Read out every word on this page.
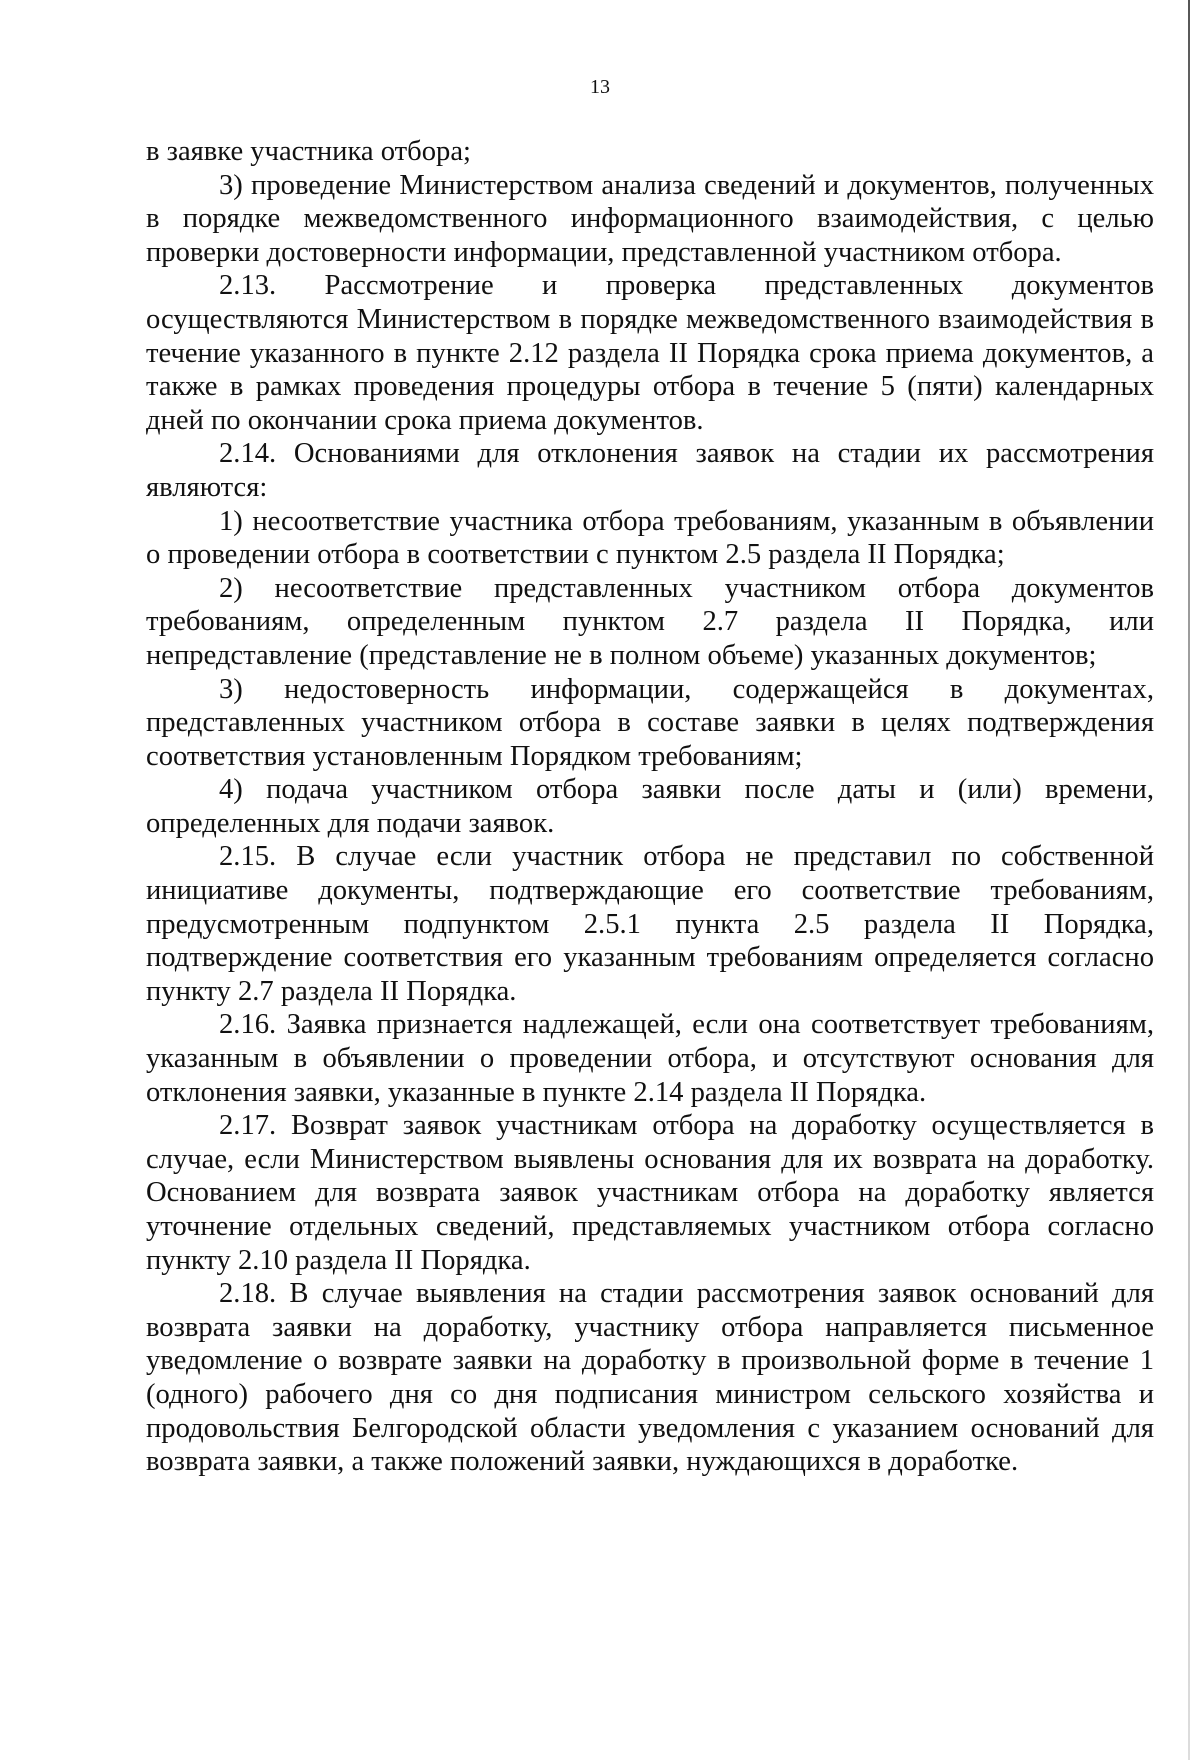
13

в заявке участника отбора;

3) проведение Министерством анализа сведений и документов, полученных в порядке межведомственного информационного взаимодействия, с целью проверки достоверности информации, представленной участником отбора.

2.13. Рассмотрение и проверка представленных документов осуществляются Министерством в порядке межведомственного взаимодействия в течение указанного в пункте 2.12 раздела II Порядка срока приема документов, а также в рамках проведения процедуры отбора в течение 5 (пяти) календарных дней по окончании срока приема документов.

2.14. Основаниями для отклонения заявок на стадии их рассмотрения являются:

1) несоответствие участника отбора требованиям, указанным в объявлении о проведении отбора в соответствии с пунктом 2.5 раздела II Порядка;

2) несоответствие представленных участником отбора документов требованиям, определенным пунктом 2.7 раздела II Порядка, или непредставление (представление не в полном объеме) указанных документов;

3) недостоверность информации, содержащейся в документах, представленных участником отбора в составе заявки в целях подтверждения соответствия установленным Порядком требованиям;

4) подача участником отбора заявки после даты и (или) времени, определенных для подачи заявок.

2.15. В случае если участник отбора не представил по собственной инициативе документы, подтверждающие его соответствие требованиям, предусмотренным подпунктом 2.5.1 пункта 2.5 раздела II Порядка, подтверждение соответствия его указанным требованиям определяется согласно пункту 2.7 раздела II Порядка.

2.16. Заявка признается надлежащей, если она соответствует требованиям, указанным в объявлении о проведении отбора, и отсутствуют основания для отклонения заявки, указанные в пункте 2.14 раздела II Порядка.

2.17. Возврат заявок участникам отбора на доработку осуществляется в случае, если Министерством выявлены основания для их возврата на доработку. Основанием для возврата заявок участникам отбора на доработку является уточнение отдельных сведений, представляемых участником отбора согласно пункту 2.10 раздела II Порядка.

2.18. В случае выявления на стадии рассмотрения заявок оснований для возврата заявки на доработку, участнику отбора направляется письменное уведомление о возврате заявки на доработку в произвольной форме в течение 1 (одного) рабочего дня со дня подписания министром сельского хозяйства и продовольствия Белгородской области уведомления с указанием оснований для возврата заявки, а также положений заявки, нуждающихся в доработке.
